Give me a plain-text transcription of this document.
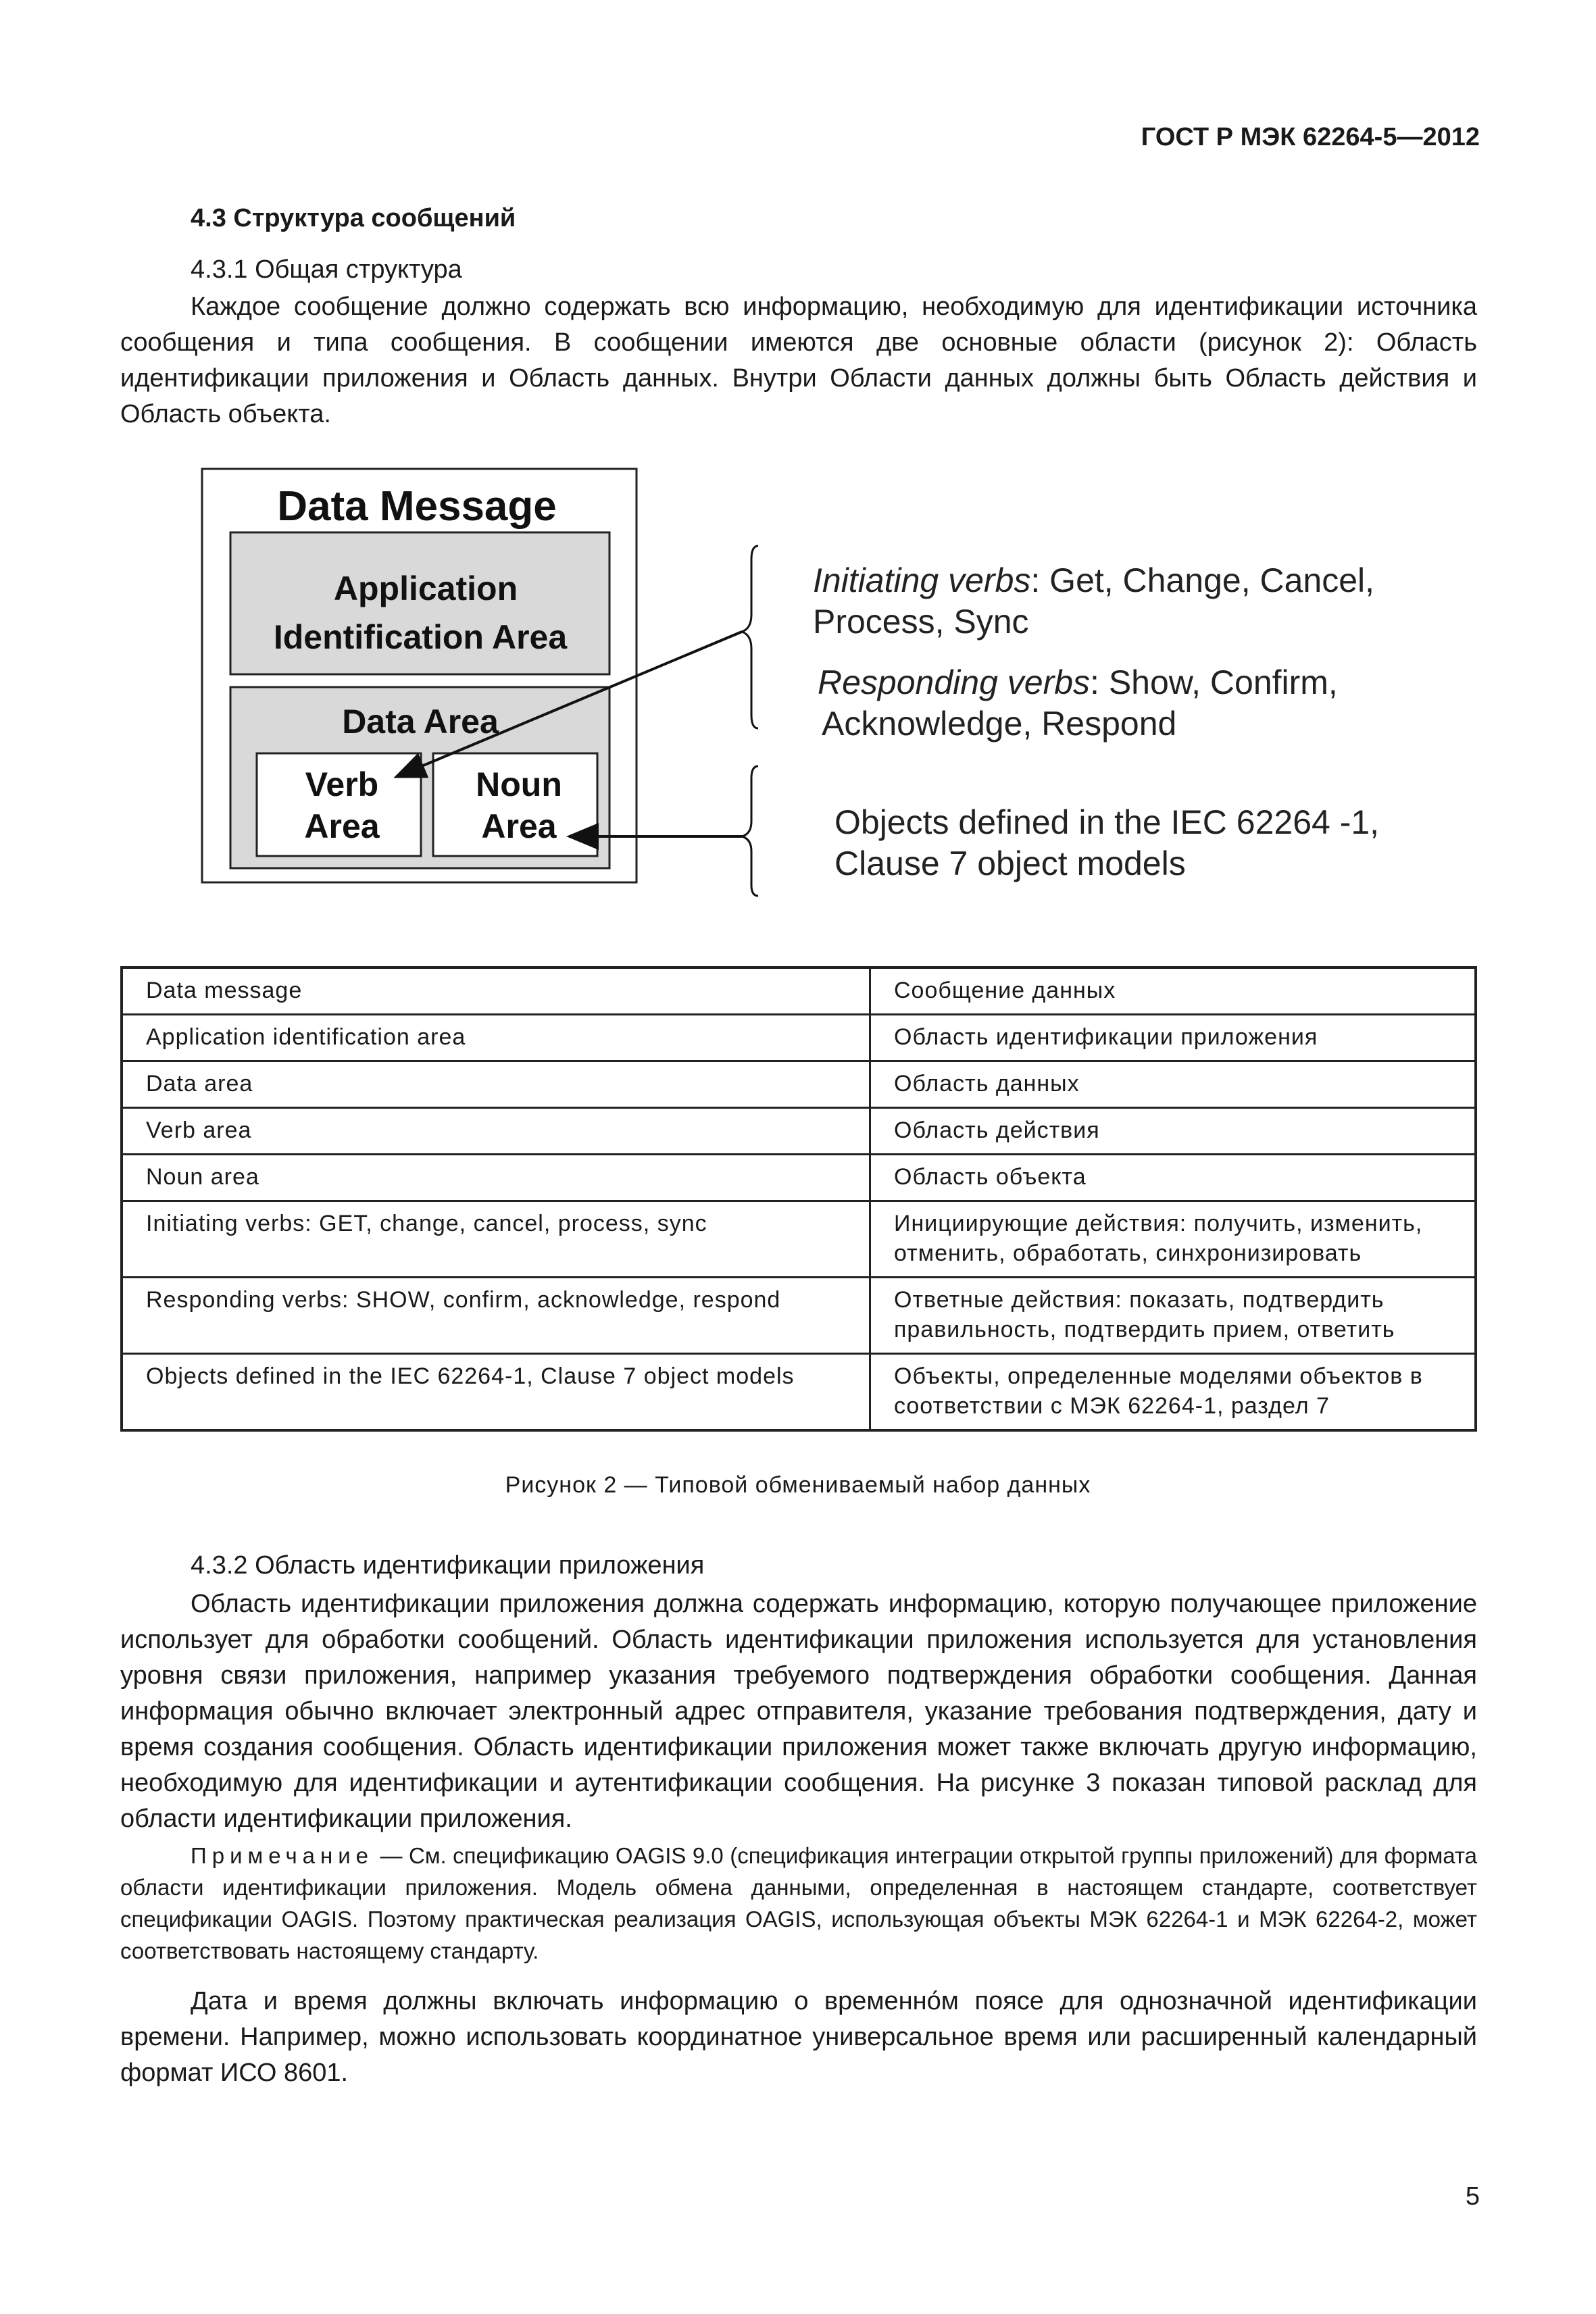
ГОСТ Р МЭК 62264-5—2012
4.3 Структура сообщений
4.3.1 Общая структура

Каждое сообщение должно содержать всю информацию, необходимую для идентификации источника сообщения и типа сообщения. В сообщении имеются две основные области (рисунок 2): Область идентификации приложения и Область данных. Внутри Области данных должны быть Область действия и Область объекта.

Data Message
Application
Identification Area
Data Area
Verb
Area
Noun
Area
Initiating verbs: Get, Change, Cancel,
Process, Sync
Responding verbs: Show, Confirm,
Acknowledge, Respond
Objects defined in the IEC 62264 -1,
Clause 7 object models
Data message	Сообщение данных
Application identification area	Область идентификации приложения
Data area	Область данных
Verb area	Область действия
Noun area	Область объекта
Initiating verbs: GET, change, cancel, process, sync	Инициирующие действия: получить, изменить, отменить, обработать, синхронизировать
Responding verbs: SHOW, confirm, acknowledge, respond	Ответные действия: показать, подтвердить правильность, подтвердить прием, ответить
Objects defined in the IEC 62264-1, Clause 7 object models	Объекты, определенные моделями объектов в соответствии с МЭК 62264-1, раздел 7
Рисунок 2 — Типовой обмениваемый набор данных
4.3.2 Область идентификации приложения

Область идентификации приложения должна содержать информацию, которую получающее приложение использует для обработки сообщений. Область идентификации приложения используется для установления уровня связи приложения, например указания требуемого подтверждения обработки сообщения. Данная информация обычно включает электронный адрес отправителя, указание требования подтверждения, дату и время создания сообщения. Область идентификации приложения может также включать другую информацию, необходимую для идентификации и аутентификации сообщения. На рисунке 3 показан типовой расклад для области идентификации приложения.

Примечание — См. спецификацию OAGIS 9.0 (спецификация интеграции открытой группы приложений) для формата области идентификации приложения. Модель обмена данными, определенная в настоящем стандарте, соответствует спецификации OAGIS. Поэтому практическая реализация OAGIS, использующая объекты МЭК 62264-1 и МЭК 62264-2, может соответствовать настоящему стандарту.

Дата и время должны включать информацию о временно́м поясе для однозначной идентификации времени. Например, можно использовать координатное универсальное время или расширенный календарный формат ИСО 8601.

5
